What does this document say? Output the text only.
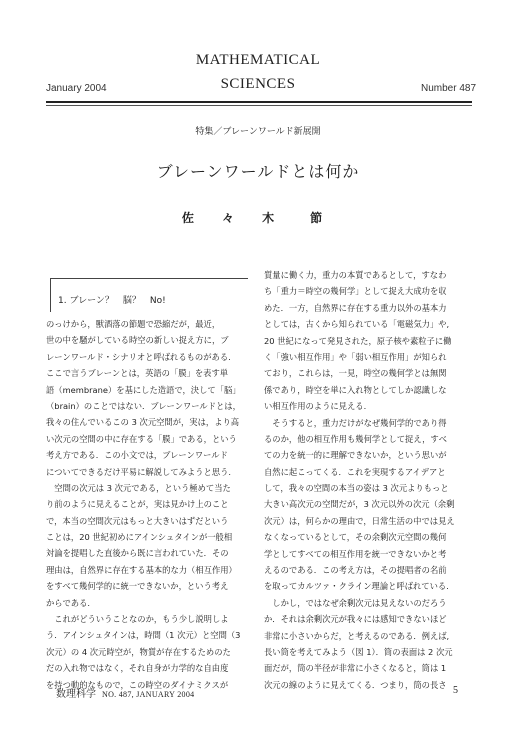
MATHEMATICAL
SCIENCES
January 2004	Number 487
特集／ブレーンワールド新展開
ブレーンワールドとは何か
佐 々 木　節
1. ブレーン？　脳？　No!
のっけから，獸酒落の節題で恐縮だが，最近，
世の中を騒がしている時空の新しい捉え方に，ブ
レーンワールド・シナリオと呼ばれるものがある.
ここで言うブレーンとは，英語の「膜」を表す単
語（membrane）を基にした造語で，決して「脳」
（brain）のことではない．ブレーンワールドとは，
我々の住んでいるこの 3 次元空間が，実は，より高
い次元の空間の中に存在する「膜」である，という
考え方である．この小文では，ブレーンワールド
についてできるだけ平易に解説してみようと思う.
　空間の次元は 3 次元である，という極めて当た
り前のように見えることが，実は見かけ上のこと
で，本当の空間次元はもっと大きいはずだという
ことは，20 世紀初めにアインシュタインが一般相
対論を提唱した直後から既に言われていた．その
理由は，自然界に存在する基本的な力（相互作用）
をすべて幾何学的に統一できないか，という考え
からである.
　これがどういうことなのか，もう少し説明しよ
う．アインシュタインは，時間（1 次元）と空間（3
次元）の 4 次元時空が，物質が存在するためのた
だの入れ物ではなく，それ自身が力学的な自由度
を持つ動的なもので，この時空のダイナミクスが
質量に働く力，重力の本質であるとして，すなわ
ち「重力＝時空の幾何学」として捉え大成功を収
めた．一方，自然界に存在する重力以外の基本力
としては，古くから知られている「電磁気力」や,
20 世紀になって発見された，原子核や素粒子に働
く「強い相互作用」や「弱い相互作用」が知られ
ており，これらは，一見，時空の幾何学とは無関
係であり，時空を単に入れ物としてしか認識しな
い相互作用のように見える.
　そうすると，重力だけがなぜ幾何学的であり得
るのか，他の相互作用も幾何学として捉え，すべ
ての力を統一的に理解できないか，という思いが
自然に起こってくる．これを実現するアイデアと
して，我々の空間の本当の姿は 3 次元よりもっと
大きい高次元の空間だが，3 次元以外の次元（余剰
次元）は，何らかの理由で，日常生活の中では見え
なくなっているとして，その余剰次元空間の幾何
学としてすべての相互作用を統一できないかと考
えるのである．この考え方は，その提唱者の名前
を取ってカルツァ・クライン理論と呼ばれている.
　しかし，ではなぜ余剰次元は見えないのだろう
か．それは余剰次元が我々には感知できないほど
非常に小さいからだ，と考えるのである．例えば,
長い筒を考えてみよう（図 1）．筒の表面は 2 次元
面だが，筒の半径が非常に小さくなると，筒は 1
次元の線のように見えてくる．つまり，筒の長さ
数理科学 NO. 487, JANUARY 2004	5
